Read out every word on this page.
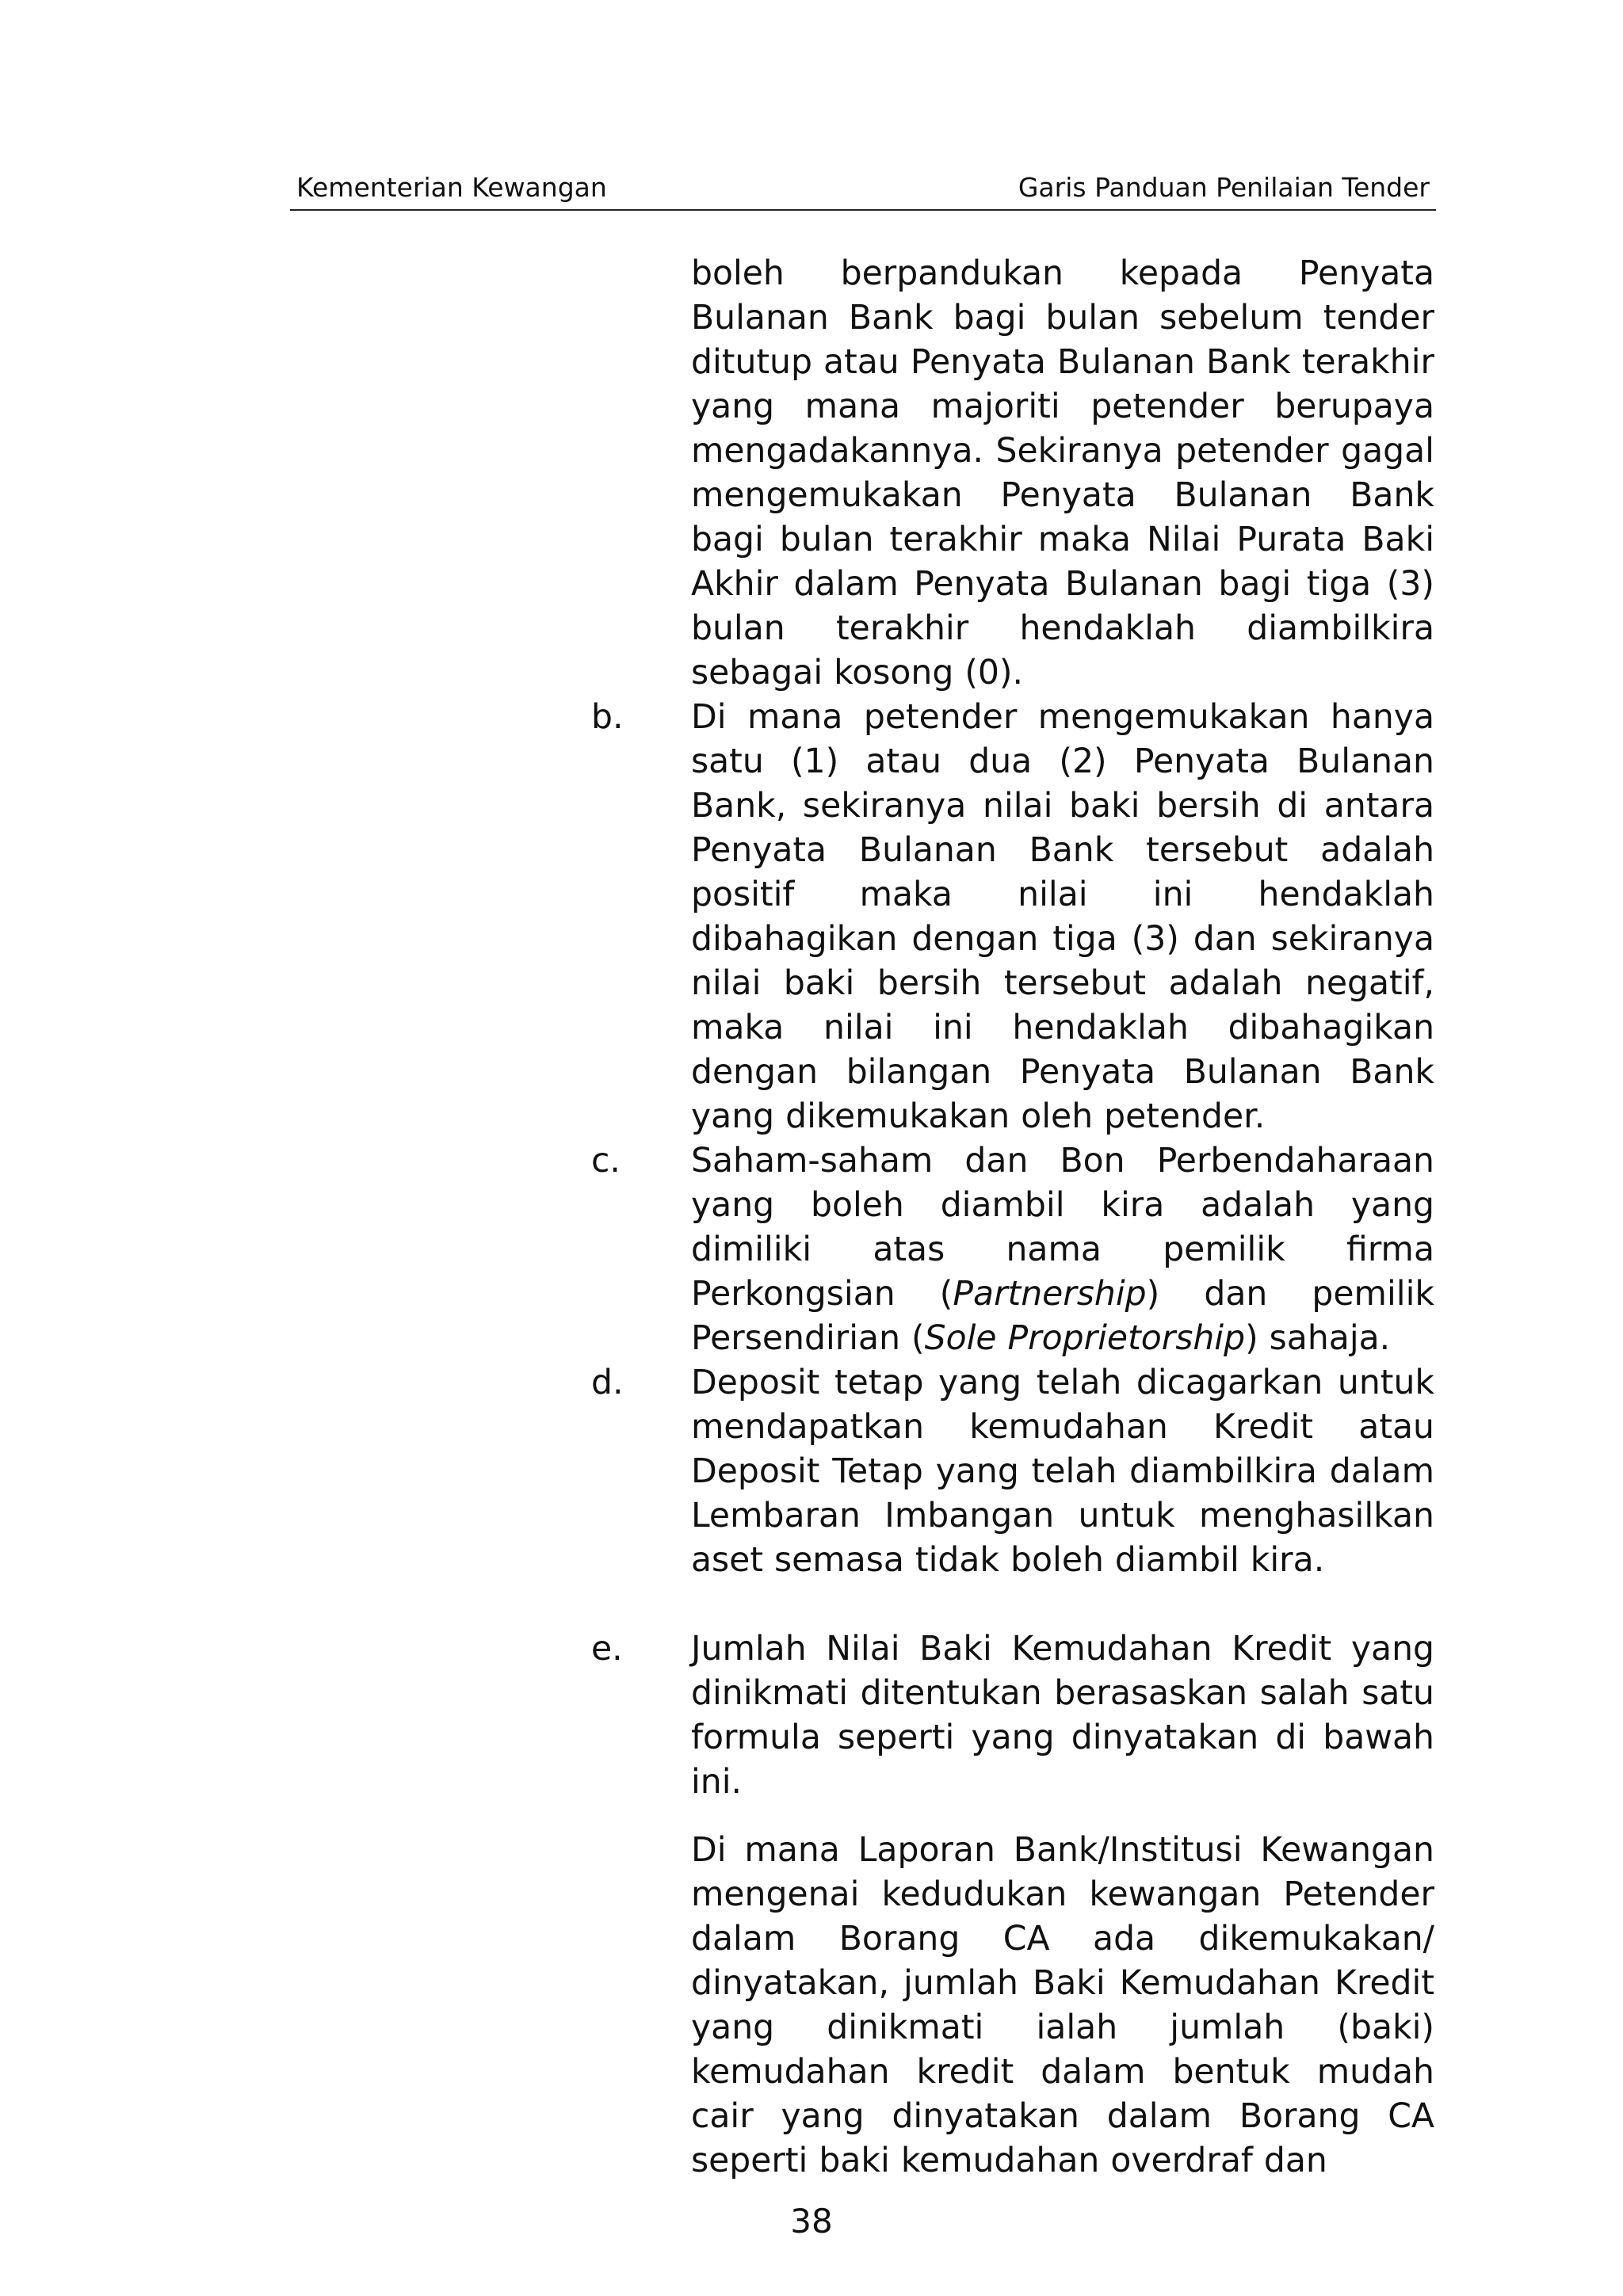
Kementerian Kewangan	Garis Panduan Penilaian Tender
boleh berpandukan kepada Penyata Bulanan Bank bagi bulan sebelum tender ditutup atau Penyata Bulanan Bank terakhir yang mana majoriti petender berupaya mengadakannya. Sekiranya petender gagal mengemukakan Penyata Bulanan Bank bagi bulan terakhir maka Nilai Purata Baki Akhir dalam Penyata Bulanan bagi tiga (3) bulan terakhir hendaklah diambilkira sebagai kosong (0).
b. Di mana petender mengemukakan hanya satu (1) atau dua (2) Penyata Bulanan Bank, sekiranya nilai baki bersih di antara Penyata Bulanan Bank tersebut adalah positif maka nilai ini hendaklah dibahagikan dengan tiga (3) dan sekiranya nilai baki bersih tersebut adalah negatif, maka nilai ini hendaklah dibahagikan dengan bilangan Penyata Bulanan Bank yang dikemukakan oleh petender.
c. Saham-saham dan Bon Perbendaharaan yang boleh diambil kira adalah yang dimiliki atas nama pemilik firma Perkongsian (Partnership) dan pemilik Persendirian (Sole Proprietorship) sahaja.
d. Deposit tetap yang telah dicagarkan untuk mendapatkan kemudahan Kredit atau Deposit Tetap yang telah diambilkira dalam Lembaran Imbangan untuk menghasilkan aset semasa tidak boleh diambil kira.
e. Jumlah Nilai Baki Kemudahan Kredit yang dinikmati ditentukan berasaskan salah satu formula seperti yang dinyatakan di bawah ini.
Di mana Laporan Bank/Institusi Kewangan mengenai kedudukan kewangan Petender dalam Borang CA ada dikemukakan/ dinyatakan, jumlah Baki Kemudahan Kredit yang dinikmati ialah jumlah (baki) kemudahan kredit dalam bentuk mudah cair yang dinyatakan dalam Borang CA seperti baki kemudahan overdraf dan
38
